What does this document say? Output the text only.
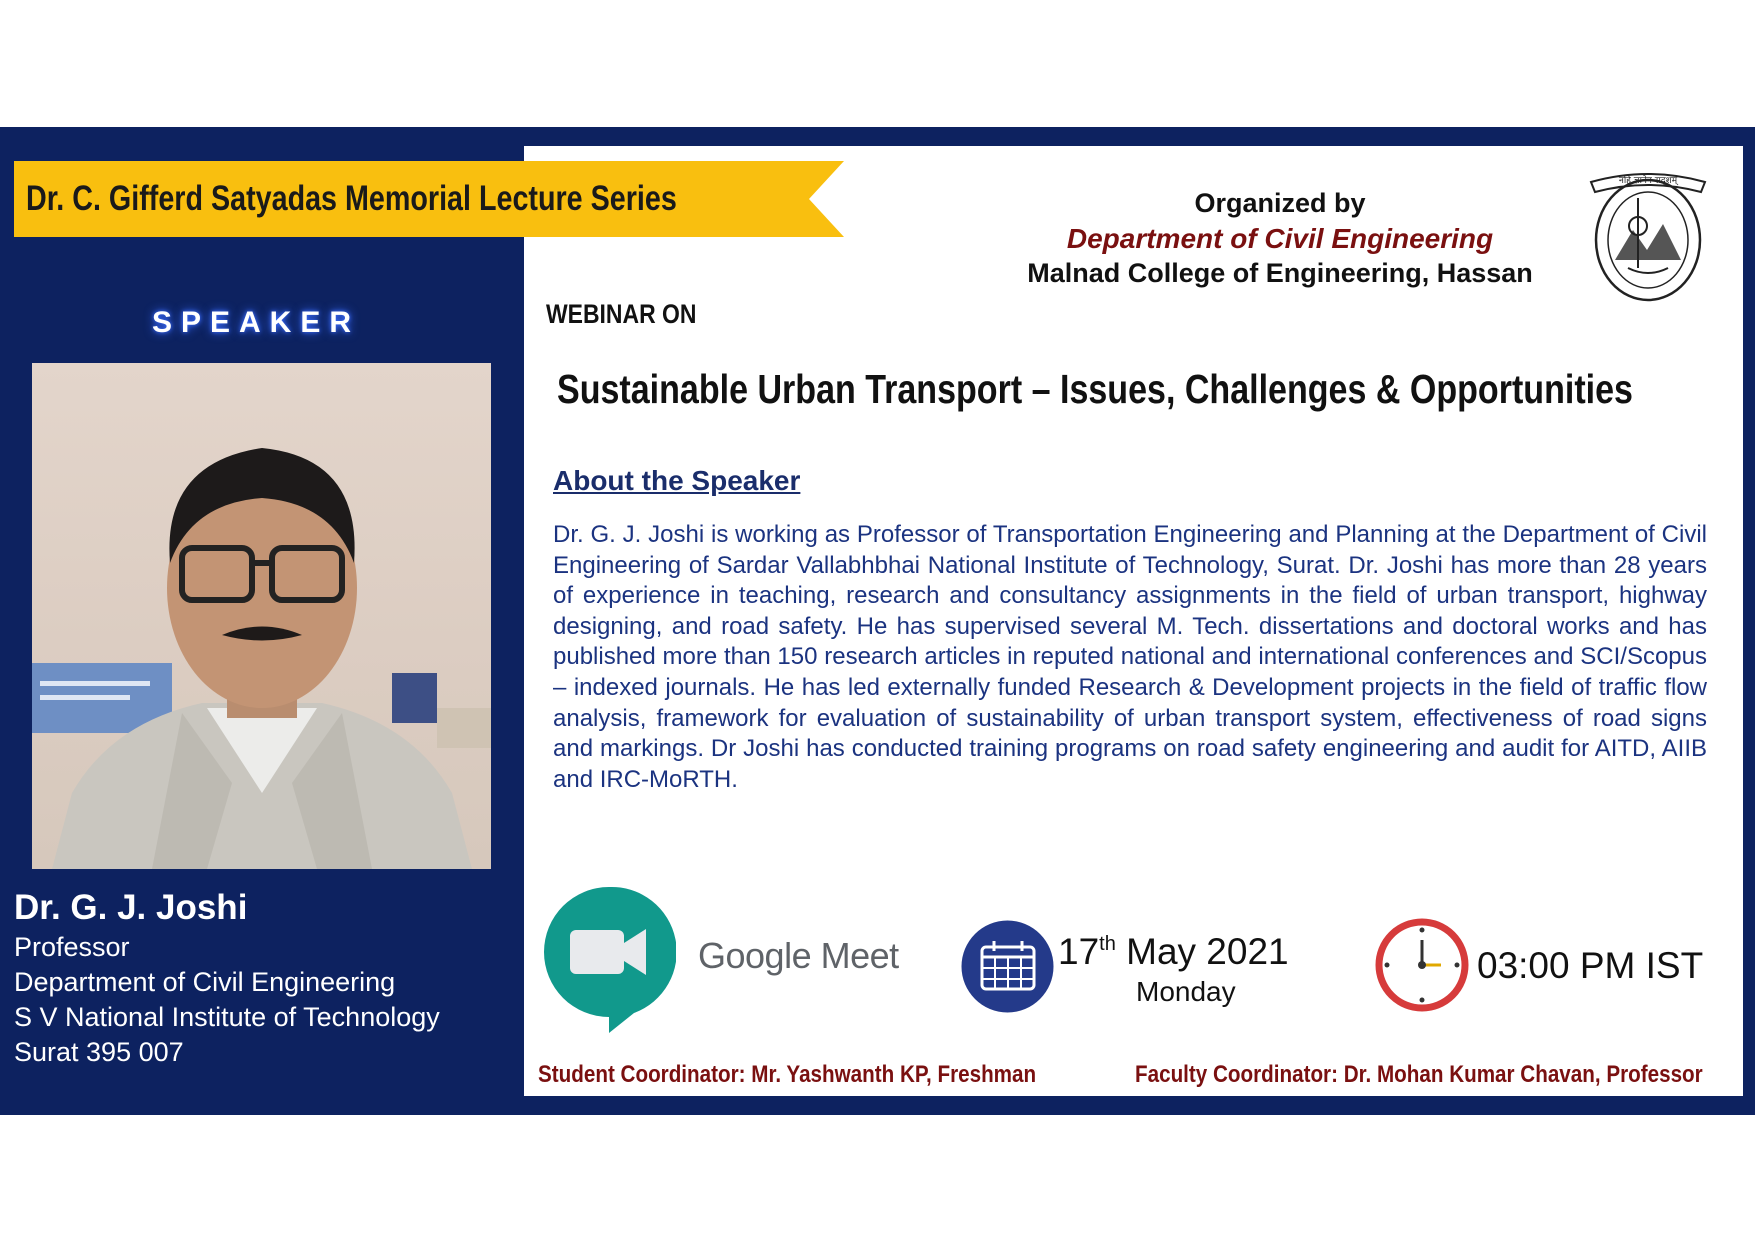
Dr. C. Gifferd Satyadas Memorial Lecture Series
SPEAKER
Dr. G. J. Joshi
Professor
Department of Civil Engineering
S V National Institute of Technology
Surat 395 007
Organized by
Department of Civil Engineering
Malnad College of Engineering, Hassan
नहि ज्ञानेन सदृशम्
WEBINAR ON
Sustainable Urban Transport – Issues, Challenges & Opportunities
About the Speaker
Dr. G. J. Joshi is working as Professor of Transportation Engineering and Planning at the Department of Civil Engineering of Sardar Vallabhbhai National Institute of Technology, Surat. Dr. Joshi has more than 28 years of experience in teaching, research and consultancy assignments in the field of urban transport, highway designing, and road safety. He has supervised several M. Tech. dissertations and doctoral works and has published more than 150 research articles in reputed national and international conferences and SCI/Scopus – indexed journals. He has led externally funded Research & Development projects in the field of traffic flow analysis, framework for evaluation of sustainability of urban transport system, effectiveness of road signs and markings. Dr Joshi has conducted training programs on road safety engineering and audit for AITD, AIIB and IRC-MoRTH.
Google Meet	17th May 2021
Monday
03:00 PM IST
Student Coordinator: Mr. Yashwanth KP, Freshman	Faculty Coordinator: Dr. Mohan Kumar Chavan, Professor
